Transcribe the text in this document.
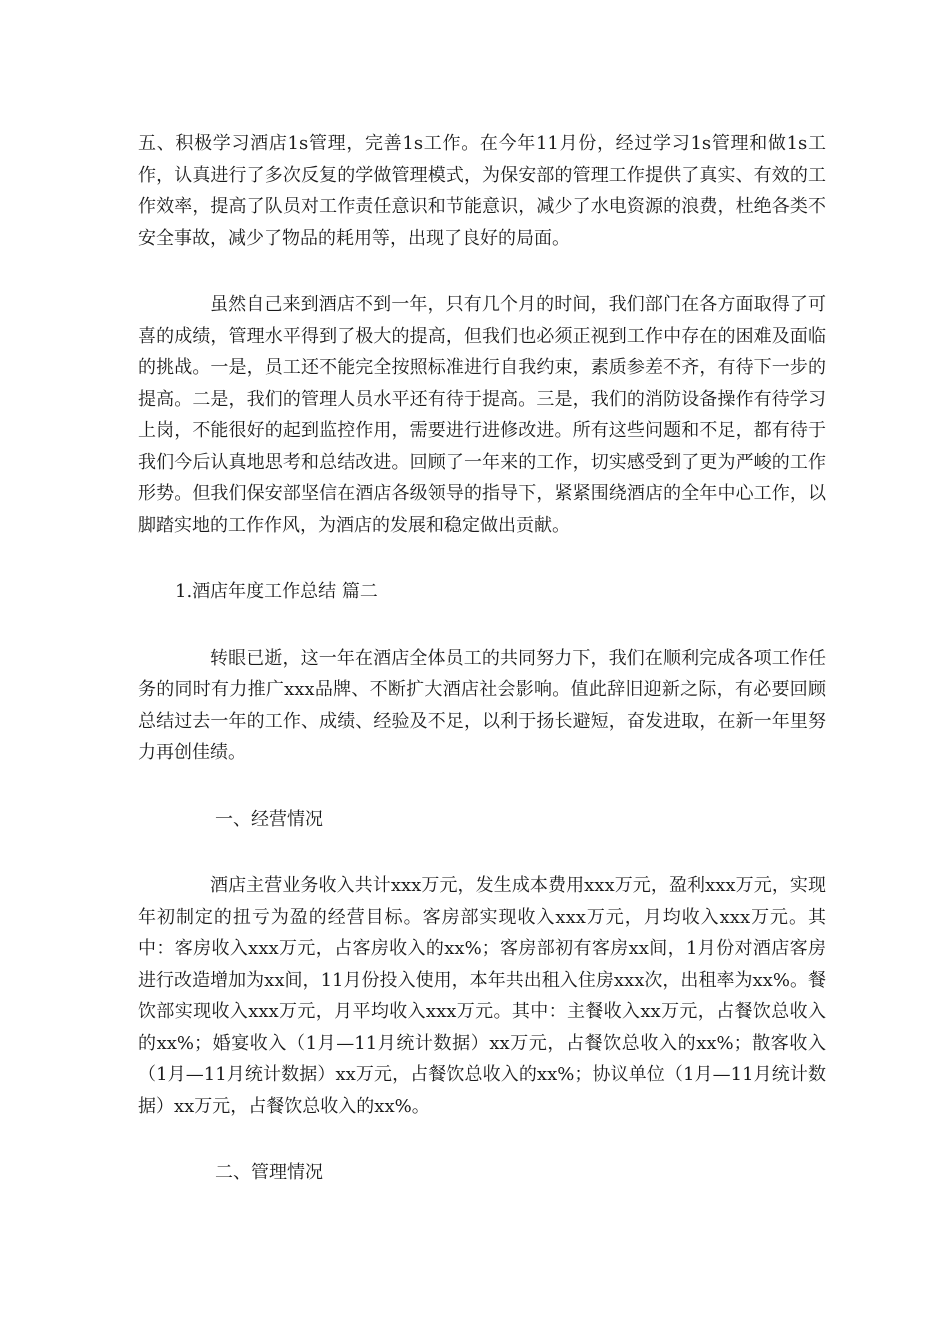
五、积极学习酒店1s管理，完善1s工作。在今年11月份，经过学习1s管理和做1s工作，认真进行了多次反复的学做管理模式，为保安部的管理工作提供了真实、有效的工作效率，提高了队员对工作责任意识和节能意识，减少了水电资源的浪费，杜绝各类不安全事故，减少了物品的耗用等，出现了良好的局面。

虽然自己来到酒店不到一年，只有几个月的时间，我们部门在各方面取得了可喜的成绩，管理水平得到了极大的提高，但我们也必须正视到工作中存在的困难及面临的挑战。一是，员工还不能完全按照标准进行自我约束，素质参差不齐，有待下一步的提高。二是，我们的管理人员水平还有待于提高。三是，我们的消防设备操作有待学习上岗，不能很好的起到监控作用，需要进行进修改进。所有这些问题和不足，都有待于我们今后认真地思考和总结改进。回顾了一年来的工作，切实感受到了更为严峻的工作形势。但我们保安部坚信在酒店各级领导的指导下，紧紧围绕酒店的全年中心工作，以脚踏实地的工作作风，为酒店的发展和稳定做出贡献。

1.酒店年度工作总结 篇二

转眼已逝，这一年在酒店全体员工的共同努力下，我们在顺利完成各项工作任务的同时有力推广xxx品牌、不断扩大酒店社会影响。值此辞旧迎新之际，有必要回顾总结过去一年的工作、成绩、经验及不足，以利于扬长避短，奋发进取，在新一年里努力再创佳绩。

一、经营情况

酒店主营业务收入共计xxx万元，发生成本费用xxx万元，盈利xxx万元，实现年初制定的扭亏为盈的经营目标。客房部实现收入xxx万元，月均收入xxx万元。其中：客房收入xxx万元，占客房收入的xx%；客房部初有客房xx间，1月份对酒店客房进行改造增加为xx间，11月份投入使用，本年共出租入住房xxx次，出租率为xx%。餐饮部实现收入xxx万元，月平均收入xxx万元。其中：主餐收入xx万元，占餐饮总收入的xx%；婚宴收入（1月—11月统计数据）xx万元，占餐饮总收入的xx%；散客收入（1月—11月统计数据）xx万元，占餐饮总收入的xx%；协议单位（1月—11月统计数据）xx万元，占餐饮总收入的xx%。

二、管理情况
